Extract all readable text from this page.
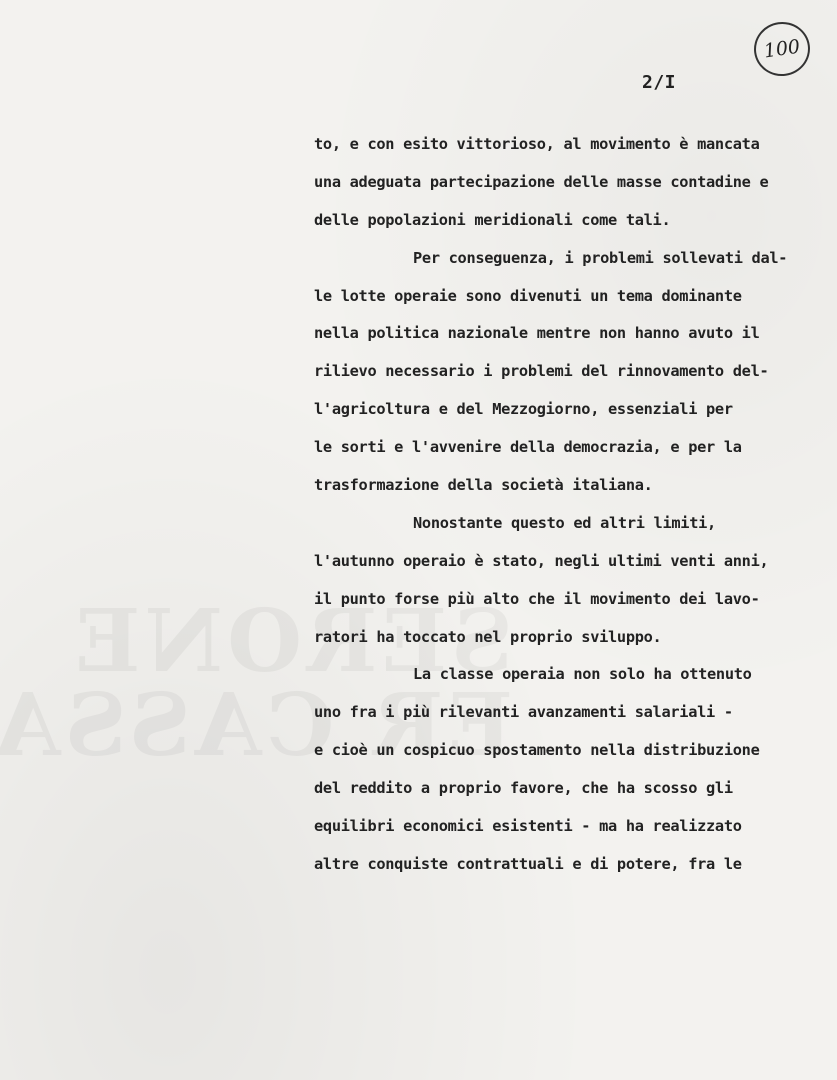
100
2/I
to, e con esito vittorioso, al movimento è mancata
una adeguata partecipazione delle masse contadine e
delle popolazioni meridionali come tali.
Per conseguenza, i problemi sollevati dal-
le lotte operaie sono divenuti un tema dominante
nella politica nazionale mentre non hanno avuto il
rilievo necessario i problemi del rinnovamento del-
l'agricoltura e del Mezzogiorno, essenziali per
le sorti e l'avvenire della democrazia, e per la
trasformazione della società italiana.
Nonostante questo ed altri limiti,
l'autunno operaio è stato, negli ultimi venti anni,
il punto forse più alto che il movimento dei lavo-
ratori ha toccato nel proprio sviluppo.
La classe operaia non solo ha ottenuto
uno fra i più rilevanti avanzamenti salariali -
e cioè un cospicuo spostamento nella distribuzione
del reddito a proprio favore, che ha scosso gli
equilibri economici esistenti - ma ha realizzato
altre conquiste contrattuali e di potere, fra le
